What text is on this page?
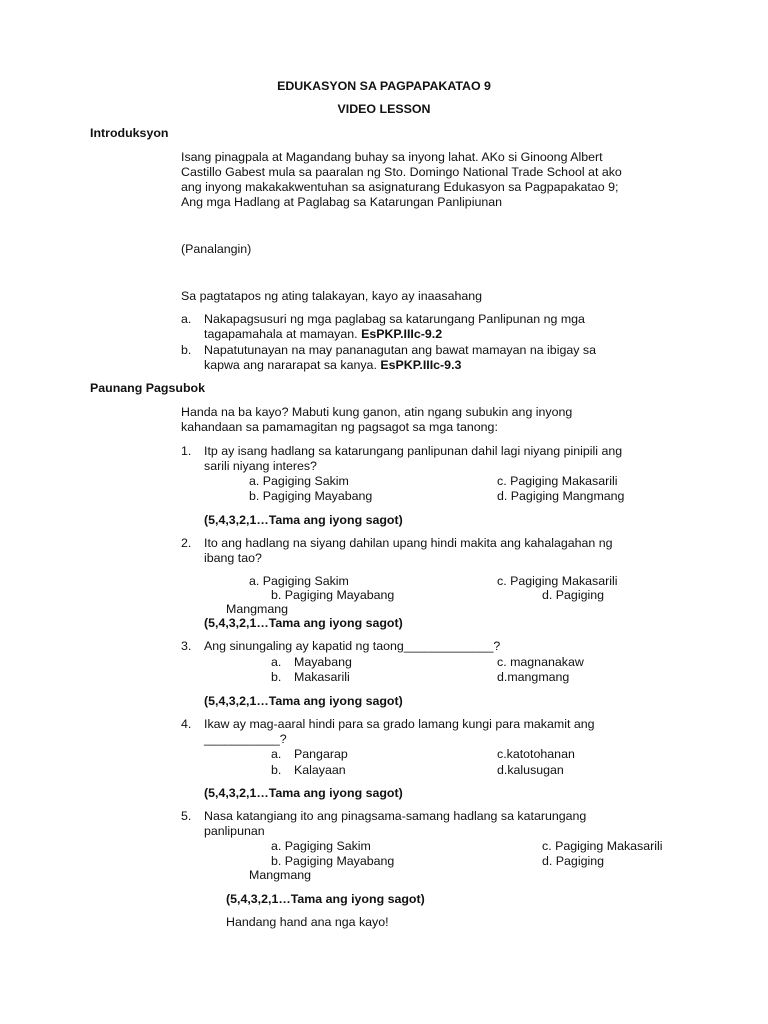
EDUKASYON SA PAGPAPAKATAO 9
VIDEO LESSON
Introduksyon
Isang pinagpala at Magandang buhay sa inyong lahat. AKo si Ginoong Albert
Castillo Gabest mula sa paaralan ng Sto. Domingo National Trade School at ako
ang inyong makakakwentuhan sa asignaturang Edukasyon sa Pagpapakatao 9;
Ang mga Hadlang at Paglabag sa Katarungan Panlipiunan
(Panalangin)
Sa pagtatapos ng ating talakayan, kayo ay inaasahang
a. Nakapagsusuri ng mga paglabag sa katarungang Panlipunan ng mga
tagapamahala at mamayan. EsPKP.IIIc-9.2
b. Napatutunayan na may pananagutan ang bawat mamayan na ibigay sa
kapwa ang nararapat sa kanya. EsPKP.IIIc-9.3
Paunang Pagsubok
Handa na ba kayo? Mabuti kung ganon, atin ngang subukin ang inyong
kahandaan sa pamamagitan ng pagsagot sa mga tanong:
1. Itp ay isang hadlang sa katarungang panlipunan dahil lagi niyang pinipili ang
sarili niyang interes?
a. Pagiging Sakim	c. Pagiging Makasarili
b. Pagiging Mayabang	d. Pagiging Mangmang
(5,4,3,2,1…Tama ang iyong sagot)
2. Ito ang hadlang na siyang dahilan upang hindi makita ang kahalagahan ng
ibang tao?
a. Pagiging Sakim	c. Pagiging Makasarili
b. Pagiging Mayabang	d. Pagiging
Mangmang
(5,4,3,2,1…Tama ang iyong sagot)
3. Ang sinungaling ay kapatid ng taong_____________?
a. Mayabang	c. magnanakaw
b. Makasarili	d.mangmang
(5,4,3,2,1…Tama ang iyong sagot)
4. Ikaw ay mag-aaral hindi para sa grado lamang kungi para makamit ang
___________?
a. Pangarap	c.katotohanan
b. Kalayaan	d.kalusugan
(5,4,3,2,1…Tama ang iyong sagot)
5. Nasa katangiang ito ang pinagsama-samang hadlang sa katarungang
panlipunan
a. Pagiging Sakim	c. Pagiging Makasarili
b. Pagiging Mayabang	d. Pagiging
Mangmang
(5,4,3,2,1…Tama ang iyong sagot)
Handang hand ana nga kayo!
